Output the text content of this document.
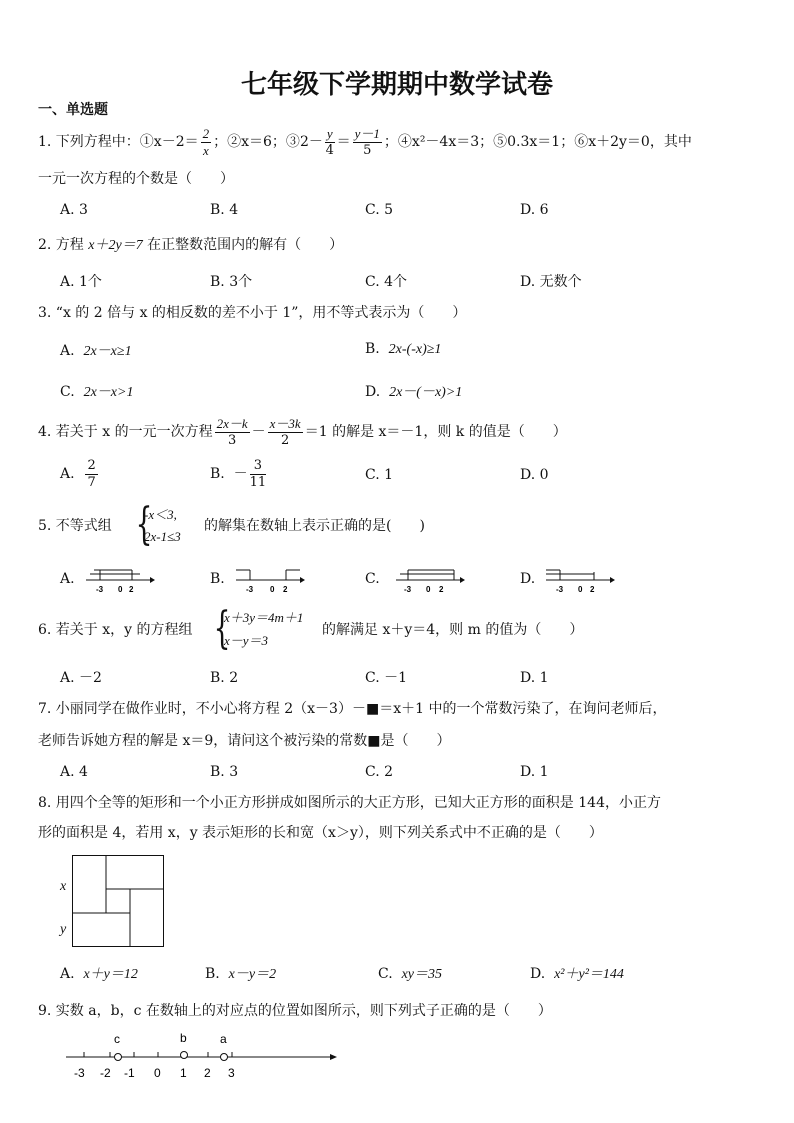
七年级下学期期中数学试卷
一、单选题
1. 下列方程中：①x－2＝ $\frac{2}{x}$ ；②x＝6；③2－ $\frac{y}{4} = \frac{y-1}{5}$ ；④x²－4x＝3；⑤0.3x＝1；⑥x＋2y＝0，其中
一元一次方程的个数是（　　）
A. 3	B. 4	C. 5	D. 6
2. 方程 x＋2y＝7 在正整数范围内的解有（　　）
A. 1个	B. 3个	C. 4个	D. 无数个
3. “x 的 2 倍与 x 的相反数的差不小于 1”，用不等式表示为（　　）
A. 2x－x≥1	B. 2x-(-x)≥1
C. 2x－x>1	D. 2x－(－x)>1
4. 若关于 x 的一元一次方程 $\frac{2x-k}{3} - \frac{x-3k}{2} =1$ 的解是 x＝－1，则 k 的值是（　　）
A. $\frac{2}{7}$	B. － $\frac{3}{11}$	C. 1	D. 0
5. 不等式组 {
-x＜3,
2x-1≤3
的解集在数轴上表示正确的是(　　)
A.	B.	C.	D.
-3 0 2	-3 0 2	-3 0 2	-3 0 2
6. 若关于 x，y 的方程组 {
x＋3y＝4m＋1
x－y＝3
的解满足 x＋y＝4，则 m 的值为（　　）
A. －2	B. 2	C. －1	D. 1
7. 小丽同学在做作业时，不小心将方程 2（x－3）－■＝x＋1 中的一个常数污染了，在询问老师后，
老师告诉她方程的解是 x＝9，请问这个被污染的常数■是（　　）
A. 4	B. 3	C. 2	D. 1
8. 用四个全等的矩形和一个小正方形拼成如图所示的大正方形，已知大正方形的面积是 144，小正方
形的面积是 4，若用 x，y 表示矩形的长和宽（x＞y），则下列关系式中不正确的是（　　）
x
y
A. x＋y＝12	B. x－y＝2	C. xy＝35	D. x²＋y²＝144
9. 实数 a，b，c 在数轴上的对应点的位置如图所示，则下列式子正确的是（　　）
c	b	a
-3 -2 -1 0 1 2 3
